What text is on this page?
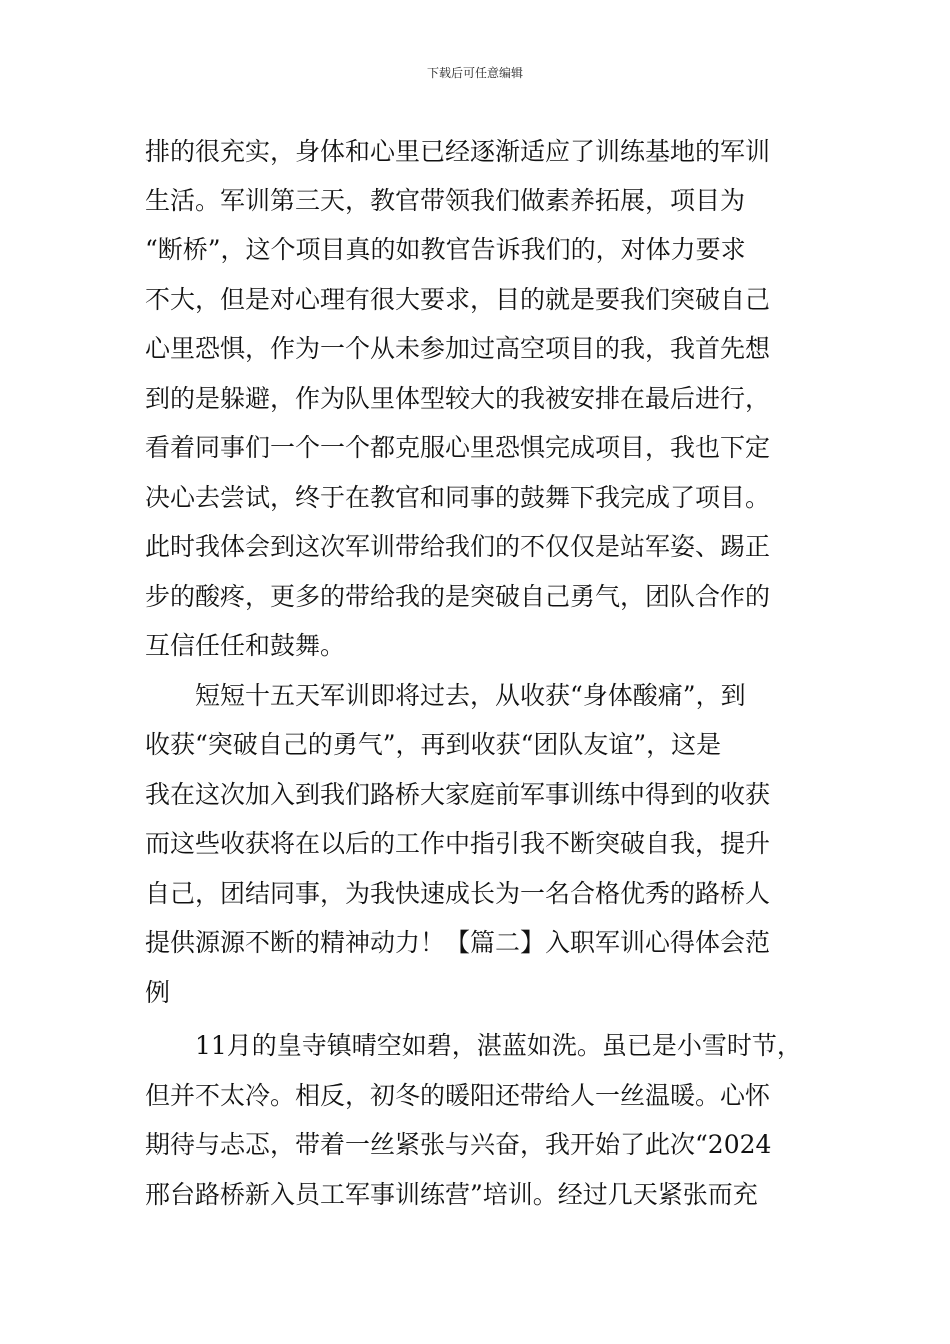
下载后可任意编辑
排的很充实，身体和心里已经逐渐适应了训练基地的军训
生活。军训第三天，教官带领我们做素养拓展，项目为
“断桥”，这个项目真的如教官告诉我们的，对体力要求
不大，但是对心理有很大要求，目的就是要我们突破自己
心里恐惧，作为一个从未参加过高空项目的我，我首先想
到的是躲避，作为队里体型较大的我被安排在最后进行，
看着同事们一个一个都克服心里恐惧完成项目，我也下定
决心去尝试，终于在教官和同事的鼓舞下我完成了项目。
此时我体会到这次军训带给我们的不仅仅是站军姿、踢正
步的酸疼，更多的带给我的是突破自己勇气，团队合作的
互信任任和鼓舞。
短短十五天军训即将过去，从收获“身体酸痛”，到
收获“突破自己的勇气”，再到收获“团队友谊”，这是
我在这次加入到我们路桥大家庭前军事训练中得到的收获
而这些收获将在以后的工作中指引我不断突破自我，提升
自己，团结同事，为我快速成长为一名合格优秀的路桥人
提供源源不断的精神动力！【篇二】入职军训心得体会范
例
11月的皇寺镇晴空如碧，湛蓝如洗。虽已是小雪时节，
但并不太冷。相反，初冬的暖阳还带给人一丝温暖。心怀
期待与忐忑，带着一丝紧张与兴奋，我开始了此次“2024
邢台路桥新入员工军事训练营”培训。经过几天紧张而充
